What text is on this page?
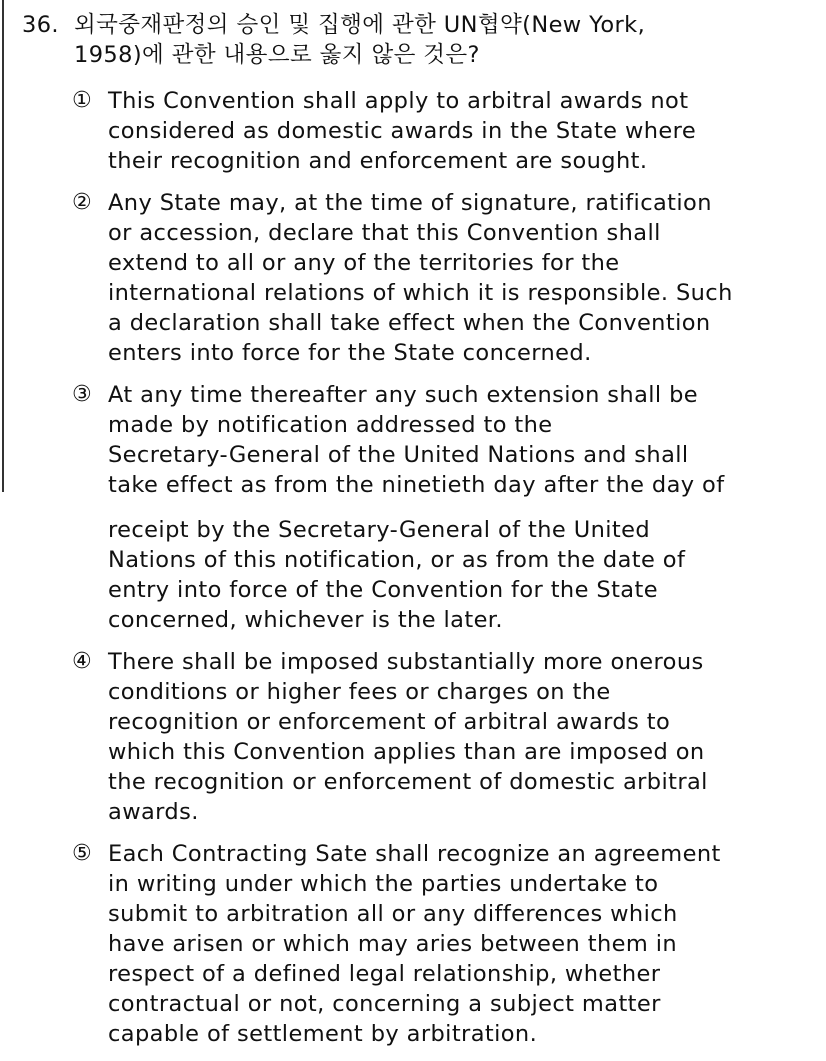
36. 외국중재판정의 승인 및 집행에 관한 UN협약(New York,
1958)에 관한 내용으로 옳지 않은 것은?
① This Convention shall apply to arbitral awards not
considered as domestic awards in the State where
their recognition and enforcement are sought.
② Any State may, at the time of signature, ratification
or accession, declare that this Convention shall
extend to all or any of the territories for the
international relations of which it is responsible. Such
a declaration shall take effect when the Convention
enters into force for the State concerned.
③ At any time thereafter any such extension shall be
made by notification addressed to the
Secretary-General of the United Nations and shall
take effect as from the ninetieth day after the day of
receipt by the Secretary-General of the United
Nations of this notification, or as from the date of
entry into force of the Convention for the State
concerned, whichever is the later.
④ There shall be imposed substantially more onerous
conditions or higher fees or charges on the
recognition or enforcement of arbitral awards to
which this Convention applies than are imposed on
the recognition or enforcement of domestic arbitral
awards.
⑤ Each Contracting Sate shall recognize an agreement
in writing under which the parties undertake to
submit to arbitration all or any differences which
have arisen or which may aries between them in
respect of a defined legal relationship, whether
contractual or not, concerning a subject matter
capable of settlement by arbitration.
